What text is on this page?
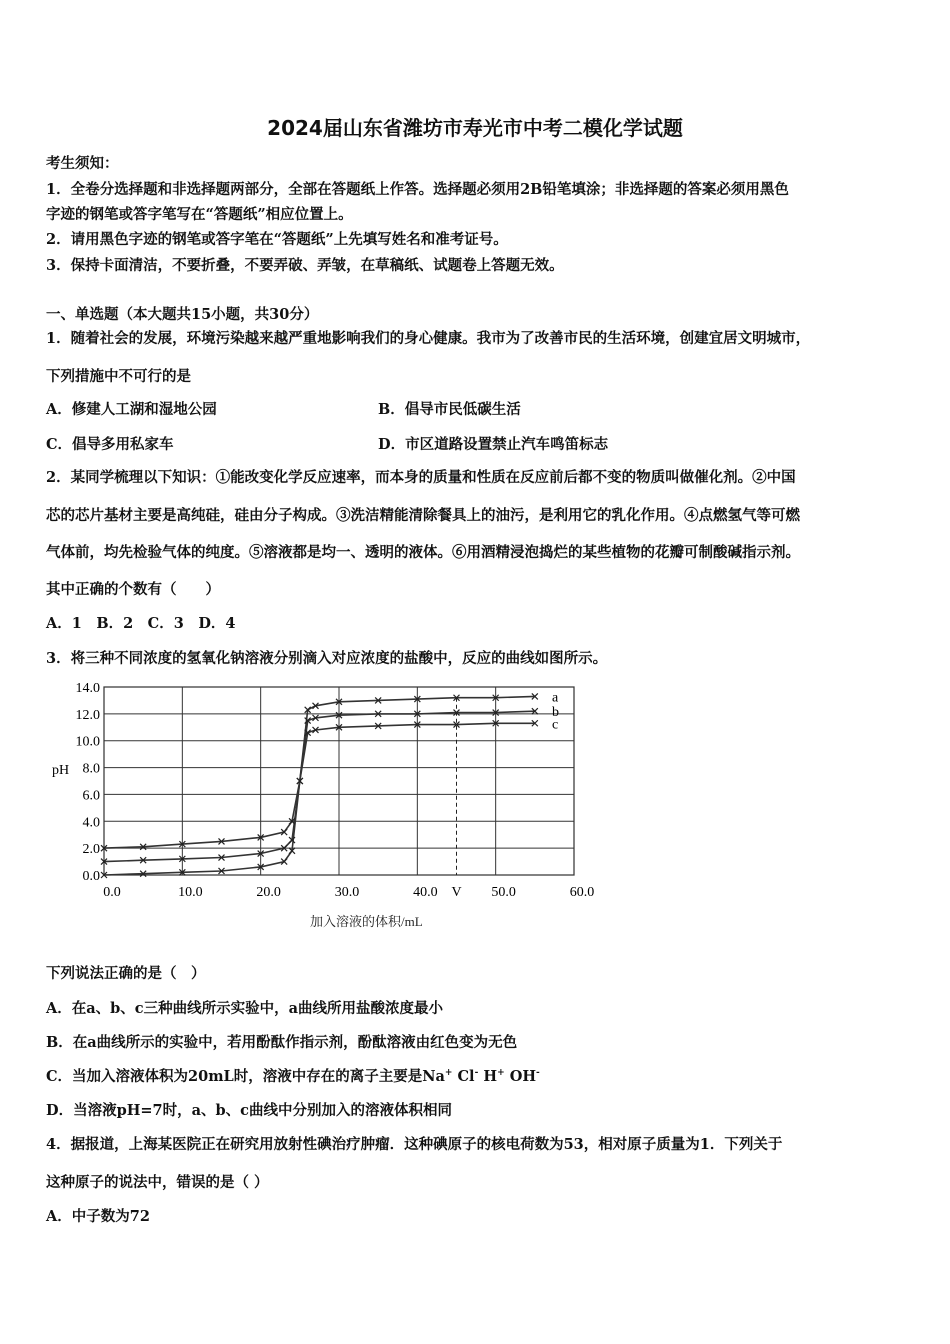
2024届山东省潍坊市寿光市中考二模化学试题
考生须知：
1．全卷分选择题和非选择题两部分，全部在答题纸上作答。选择题必须用2B铅笔填涂；非选择题的答案必须用黑色
字迹的钢笔或答字笔写在“答题纸”相应位置上。
2．请用黑色字迹的钢笔或答字笔在“答题纸”上先填写姓名和准考证号。
3．保持卡面清洁，不要折叠，不要弄破、弄皱，在草稿纸、试题卷上答题无效。
一、单选题（本大题共15小题，共30分）
1．随着社会的发展，环境污染越来越严重地影响我们的身心健康。我市为了改善市民的生活环境，创建宜居文明城市，
下列措施中不可行的是
A．修建人工湖和湿地公园	B．倡导市民低碳生活
C．倡导多用私家车	D．市区道路设置禁止汽车鸣笛标志
2．某同学梳理以下知识：①能改变化学反应速率，而本身的质量和性质在反应前后都不变的物质叫做催化剂。②中国
芯的芯片基材主要是高纯硅，硅由分子构成。③洗洁精能清除餐具上的油污，是利用它的乳化作用。④点燃氢气等可燃
气体前，均先检验气体的纯度。⑤溶液都是均一、透明的液体。⑥用酒精浸泡捣烂的某些植物的花瓣可制酸碱指示剂。
其中正确的个数有（　　）
A．1　B．2　C．3　D．4
3．将三种不同浓度的氢氧化钠溶液分别滴入对应浓度的盐酸中，反应的曲线如图所示。
0.0
2.0
4.0
6.0
8.0
10.0
12.0
14.0
0.0	10.0	20.0	30.0	40.0	50.0	60.0
pH
加入溶液的体积/mL
V
a
b
c
下列说法正确的是（　）
A．在a、b、c三种曲线所示实验中，a曲线所用盐酸浓度最小
B．在a曲线所示的实验中，若用酚酞作指示剂，酚酞溶液由红色变为无色
C．当加入溶液体积为20mL时，溶液中存在的离子主要是Na+ Cl- H+ OH-
D．当溶液pH=7时，a、b、c曲线中分别加入的溶液体积相同
4．据报道，上海某医院正在研究用放射性碘治疗肿瘤．这种碘原子的核电荷数为53，相对原子质量为1．下列关于
这种原子的说法中，错误的是（ ）
A．中子数为72
